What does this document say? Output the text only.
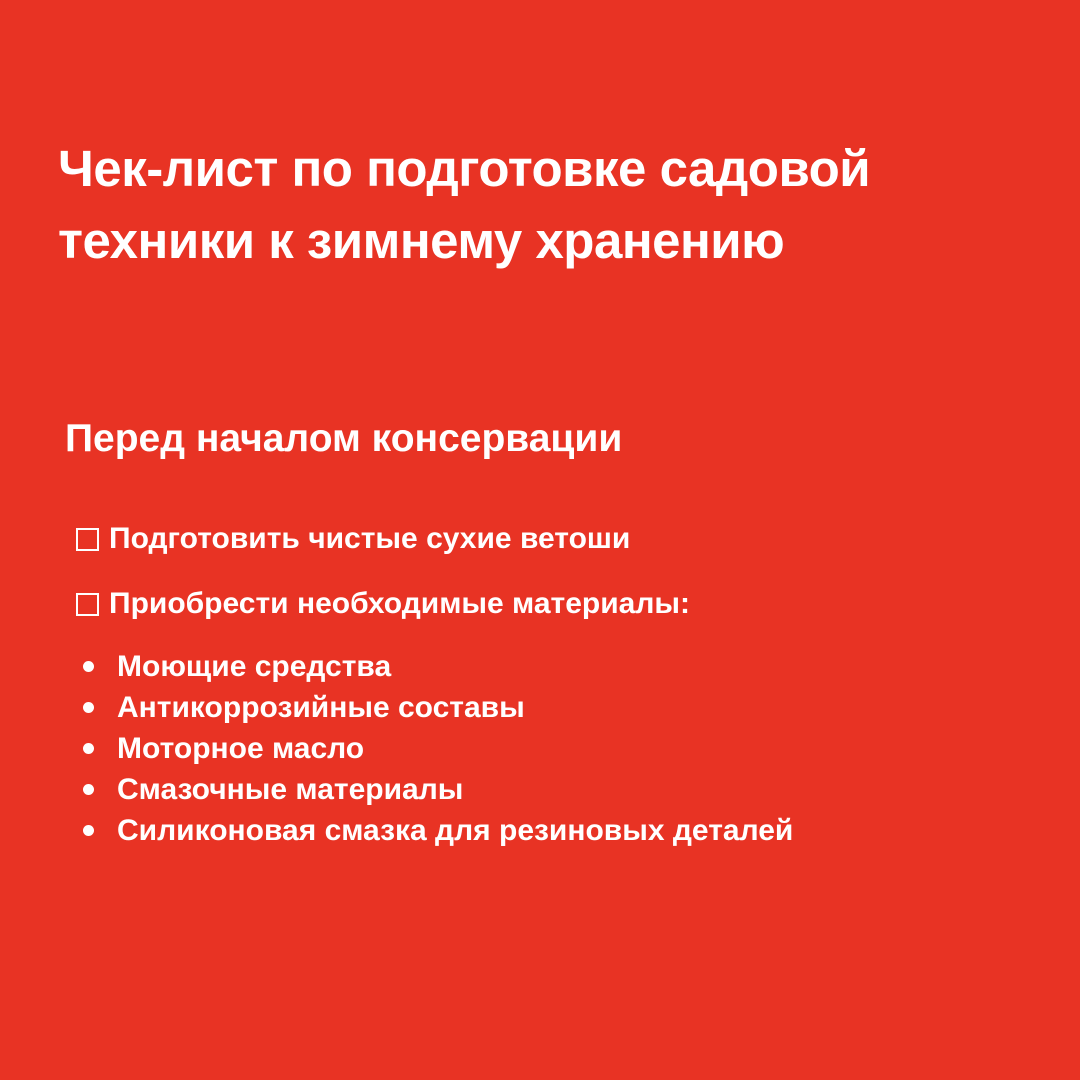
Чек-лист по подготовке садовой
техники к зимнему хранению
Перед началом консервации
Подготовить чистые сухие ветоши
Приобрести необходимые материалы:
Моющие средства
Антикоррозийные составы
Моторное масло
Смазочные материалы
Силиконовая смазка для резиновых деталей
